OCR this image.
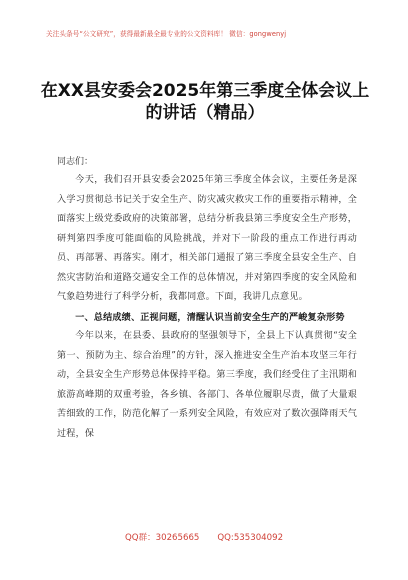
关注头条号“公文研究”，获得最新最全最专业的公文资料库！ 微信：gongwenyj
在XX县安委会2025年第三季度全体会议上的讲话（精品）
同志们：

今天，我们召开县安委会2025年第三季度全体会议，主要任务是深入学习贯彻总书记关于安全生产、防灾减灾救灾工作的重要指示精神，全面落实上级党委政府的决策部署，总结分析我县第三季度安全生产形势，研判第四季度可能面临的风险挑战，并对下一阶段的重点工作进行再动员、再部署、再落实。刚才，相关部门通报了第三季度全县安全生产、自然灾害防治和道路交通安全工作的总体情况，并对第四季度的安全风险和气象趋势进行了科学分析，我都同意。下面，我讲几点意见。

一、总结成绩、正视问题，清醒认识当前安全生产的严峻复杂形势

今年以来，在县委、县政府的坚强领导下，全县上下认真贯彻“安全第一、预防为主、综合治理”的方针，深入推进安全生产治本攻坚三年行动，全县安全生产形势总体保持平稳。第三季度，我们经受住了主汛期和旅游高峰期的双重考验，各乡镇、各部门、各单位履职尽责，做了大量艰苦细致的工作，防范化解了一系列安全风险，有效应对了数次强降雨天气过程，保

QQ群：30265665 QQ:535304092
